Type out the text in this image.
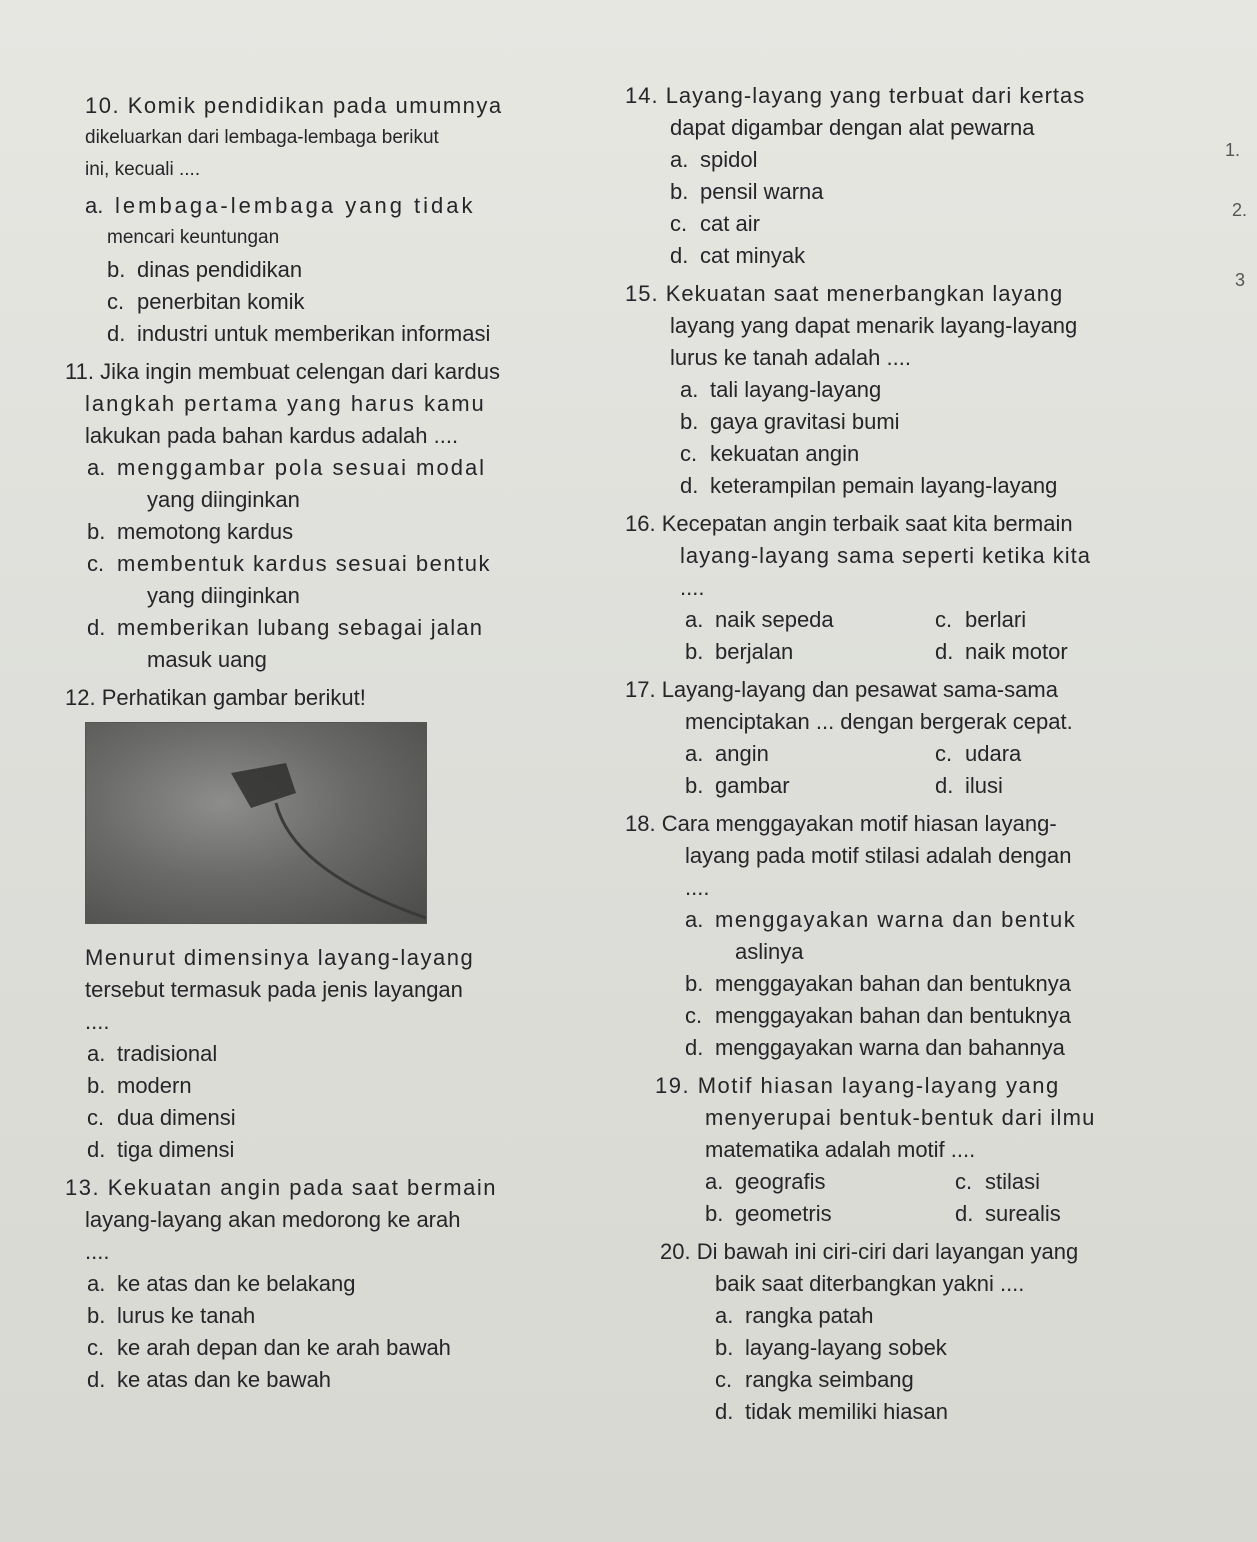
10. Komik pendidikan pada umumnya
dikeluarkan dari lembaga-lembaga berikut
ini, kecuali ....
a. lembaga-lembaga yang tidak
mencari keuntungan
b. dinas pendidikan
c. penerbitan komik
d. industri untuk memberikan informasi
11. Jika ingin membuat celengan dari kardus
langkah pertama yang harus kamu
lakukan pada bahan kardus adalah ....
a. menggambar pola sesuai modal
yang diinginkan
b. memotong kardus
c. membentuk kardus sesuai bentuk
yang diinginkan
d. memberikan lubang sebagai jalan
masuk uang
12. Perhatikan gambar berikut!
Menurut dimensinya layang-layang
tersebut termasuk pada jenis layangan
....
a. tradisional
b. modern
c. dua dimensi
d. tiga dimensi
13. Kekuatan angin pada saat bermain
layang-layang akan medorong ke arah
....
a. ke atas dan ke belakang
b. lurus ke tanah
c. ke arah depan dan ke arah bawah
d. ke atas dan ke bawah
14. Layang-layang yang terbuat dari kertas
dapat digambar dengan alat pewarna
a. spidol
b. pensil warna
c. cat air
d. cat minyak
15. Kekuatan saat menerbangkan layang
layang yang dapat menarik layang-layang
lurus ke tanah adalah ....
a. tali layang-layang
b. gaya gravitasi bumi
c. kekuatan angin
d. keterampilan pemain layang-layang
16. Kecepatan angin terbaik saat kita bermain
layang-layang sama seperti ketika kita
....
a. naik sepeda	c. berlari
b. berjalan	d. naik motor
17. Layang-layang dan pesawat sama-sama
menciptakan ... dengan bergerak cepat.
a. angin	c. udara
b. gambar	d. ilusi
18. Cara menggayakan motif hiasan layang-
layang pada motif stilasi adalah dengan
....
a. menggayakan warna dan bentuk
aslinya
b. menggayakan bahan dan bentuknya
c. menggayakan bahan dan bentuknya
d. menggayakan warna dan bahannya
19. Motif hiasan layang-layang yang
menyerupai bentuk-bentuk dari ilmu
matematika adalah motif ....
a. geografis	c. stilasi
b. geometris	d. surealis
20. Di bawah ini ciri-ciri dari layangan yang
baik saat diterbangkan yakni ....
a. rangka patah
b. layang-layang sobek
c. rangka seimbang
d. tidak memiliki hiasan
1.
2.
3
